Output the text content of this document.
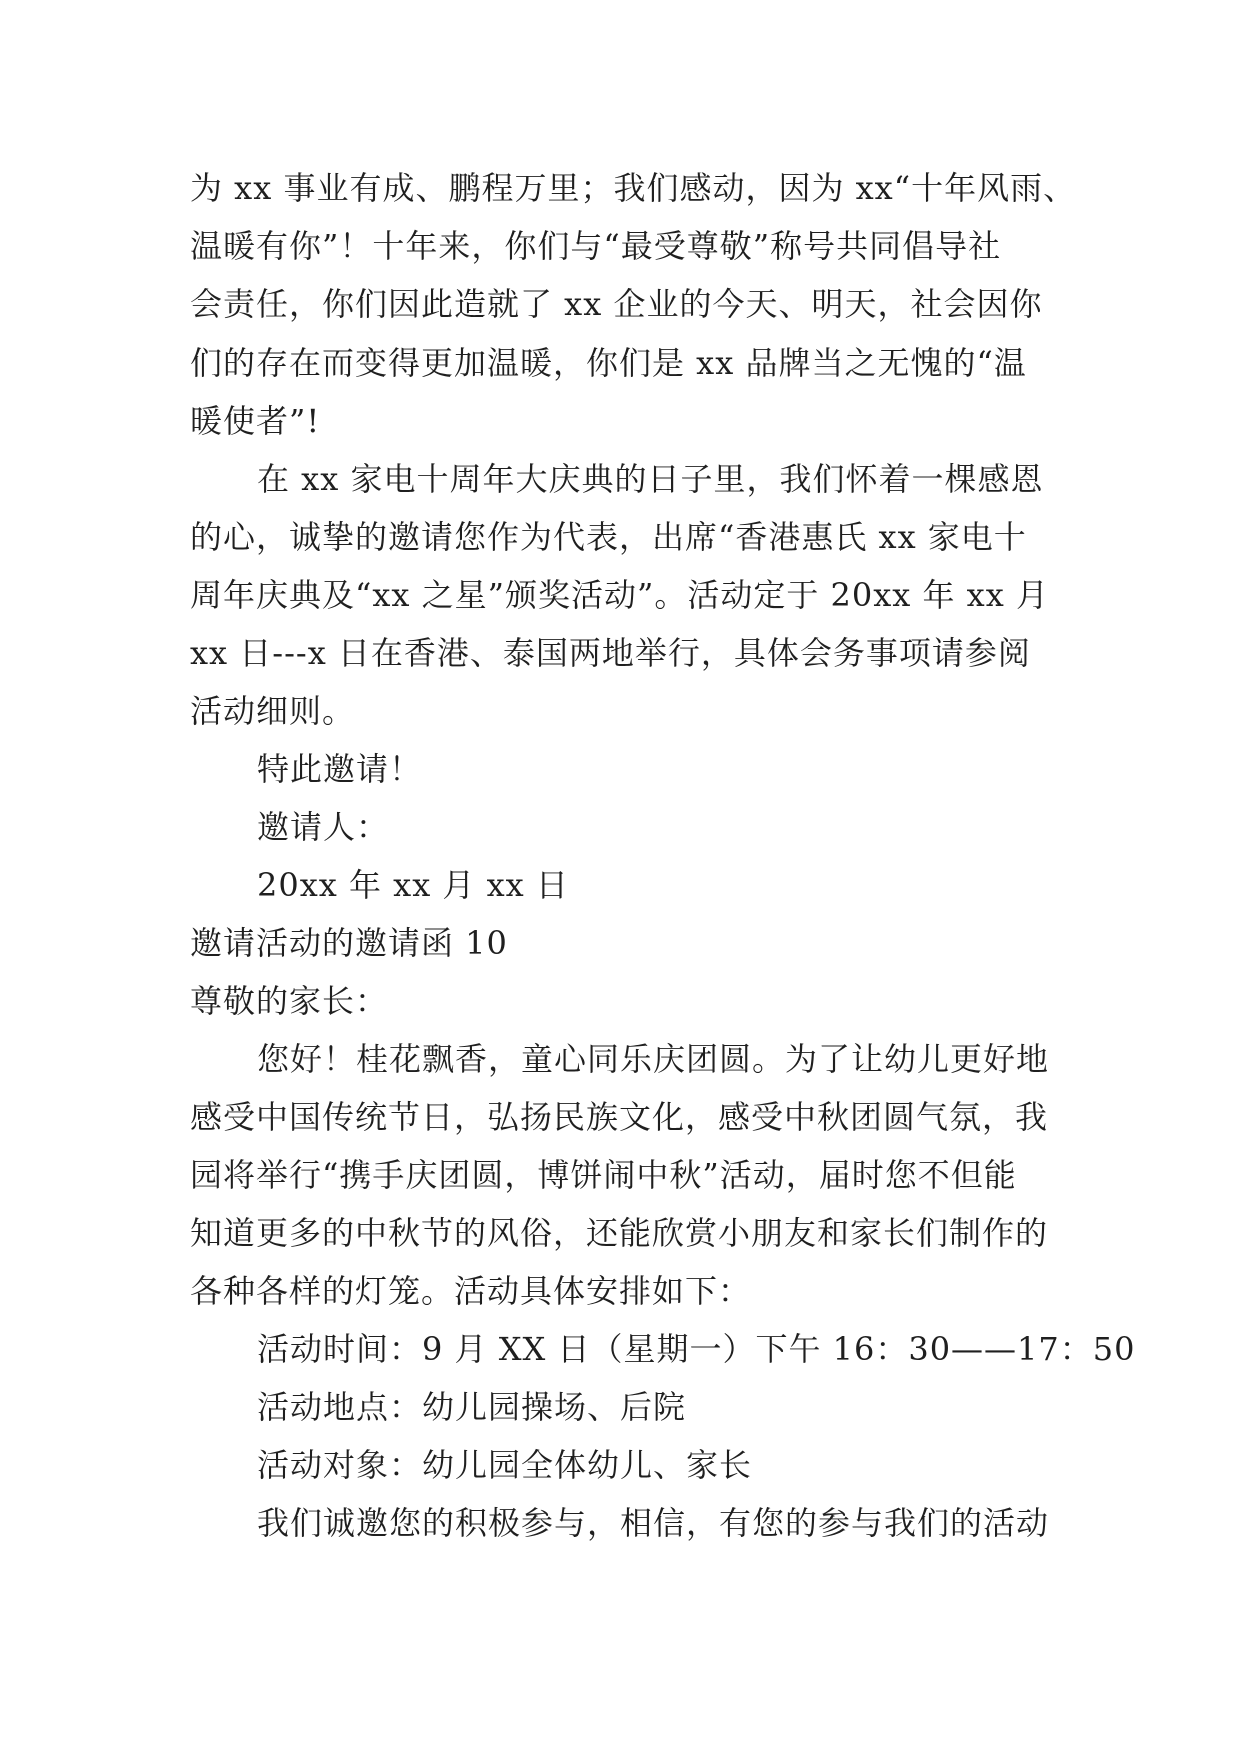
为 xx 事业有成、鹏程万里；我们感动，因为 xx“十年风雨、
温暖有你”！十年来，你们与“最受尊敬”称号共同倡导社
会责任，你们因此造就了 xx 企业的今天、明天，社会因你
们的存在而变得更加温暖，你们是 xx 品牌当之无愧的“温
暖使者”!
在 xx 家电十周年大庆典的日子里，我们怀着一棵感恩
的心，诚挚的邀请您作为代表，出席“香港惠氏 xx 家电十
周年庆典及“xx 之星”颁奖活动”。活动定于 20xx 年 xx 月
xx 日---x 日在香港、泰国两地举行，具体会务事项请参阅
活动细则。
特此邀请！
邀请人：
20xx 年 xx 月 xx 日
邀请活动的邀请函 10
尊敬的家长：
您好！桂花飘香，童心同乐庆团圆。为了让幼儿更好地
感受中国传统节日，弘扬民族文化，感受中秋团圆气氛，我
园将举行“携手庆团圆，博饼闹中秋”活动，届时您不但能
知道更多的中秋节的风俗，还能欣赏小朋友和家长们制作的
各种各样的灯笼。活动具体安排如下：
活动时间：9 月 XX 日（星期一）下午 16：30——17：50
活动地点：幼儿园操场、后院
活动对象：幼儿园全体幼儿、家长
我们诚邀您的积极参与，相信，有您的参与我们的活动
